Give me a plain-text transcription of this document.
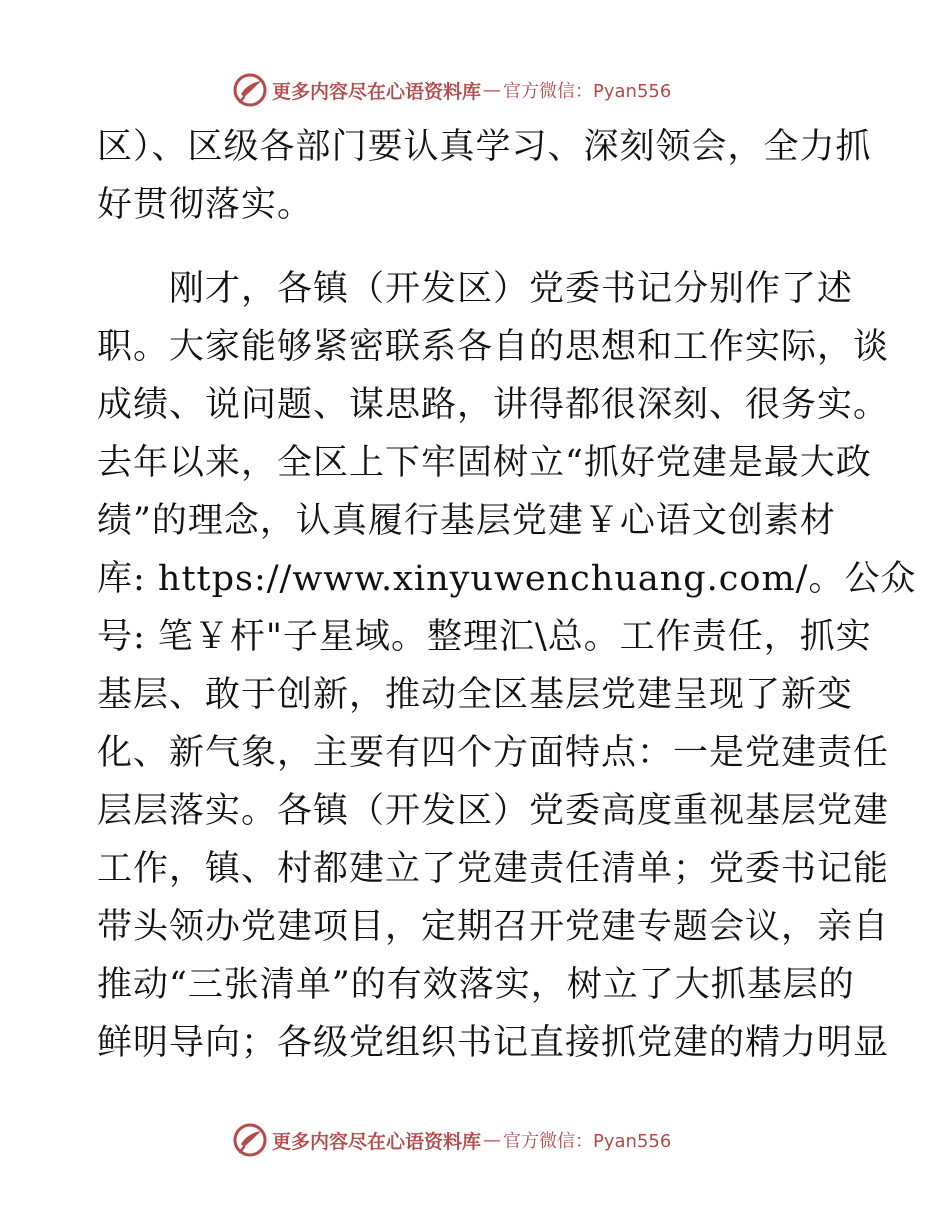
更多内容尽在心语资料库 — 官方微信：Pyan556
区）、区级各部门要认真学习、深刻领会，全力抓
好贯彻落实。
　　刚才，各镇（开发区）党委书记分别作了述
职。大家能够紧密联系各自的思想和工作实际，谈
成绩、说问题、谋思路，讲得都很深刻、很务实。
去年以来，全区上下牢固树立“抓好党建是最大政
绩”的理念，认真履行基层党建￥心语文创素材
库: https://www.xinyuwenchuang.com/。公众
号: 笔￥杆"子星域。整理汇\总。工作责任，抓实
基层、敢于创新，推动全区基层党建呈现了新变
化、新气象，主要有四个方面特点：一是党建责任
层层落实。各镇（开发区）党委高度重视基层党建
工作，镇、村都建立了党建责任清单；党委书记能
带头领办党建项目，定期召开党建专题会议，亲自
推动“三张清单”的有效落实，树立了大抓基层的
鲜明导向；各级党组织书记直接抓党建的精力明显
更多内容尽在心语资料库 — 官方微信：Pyan556
